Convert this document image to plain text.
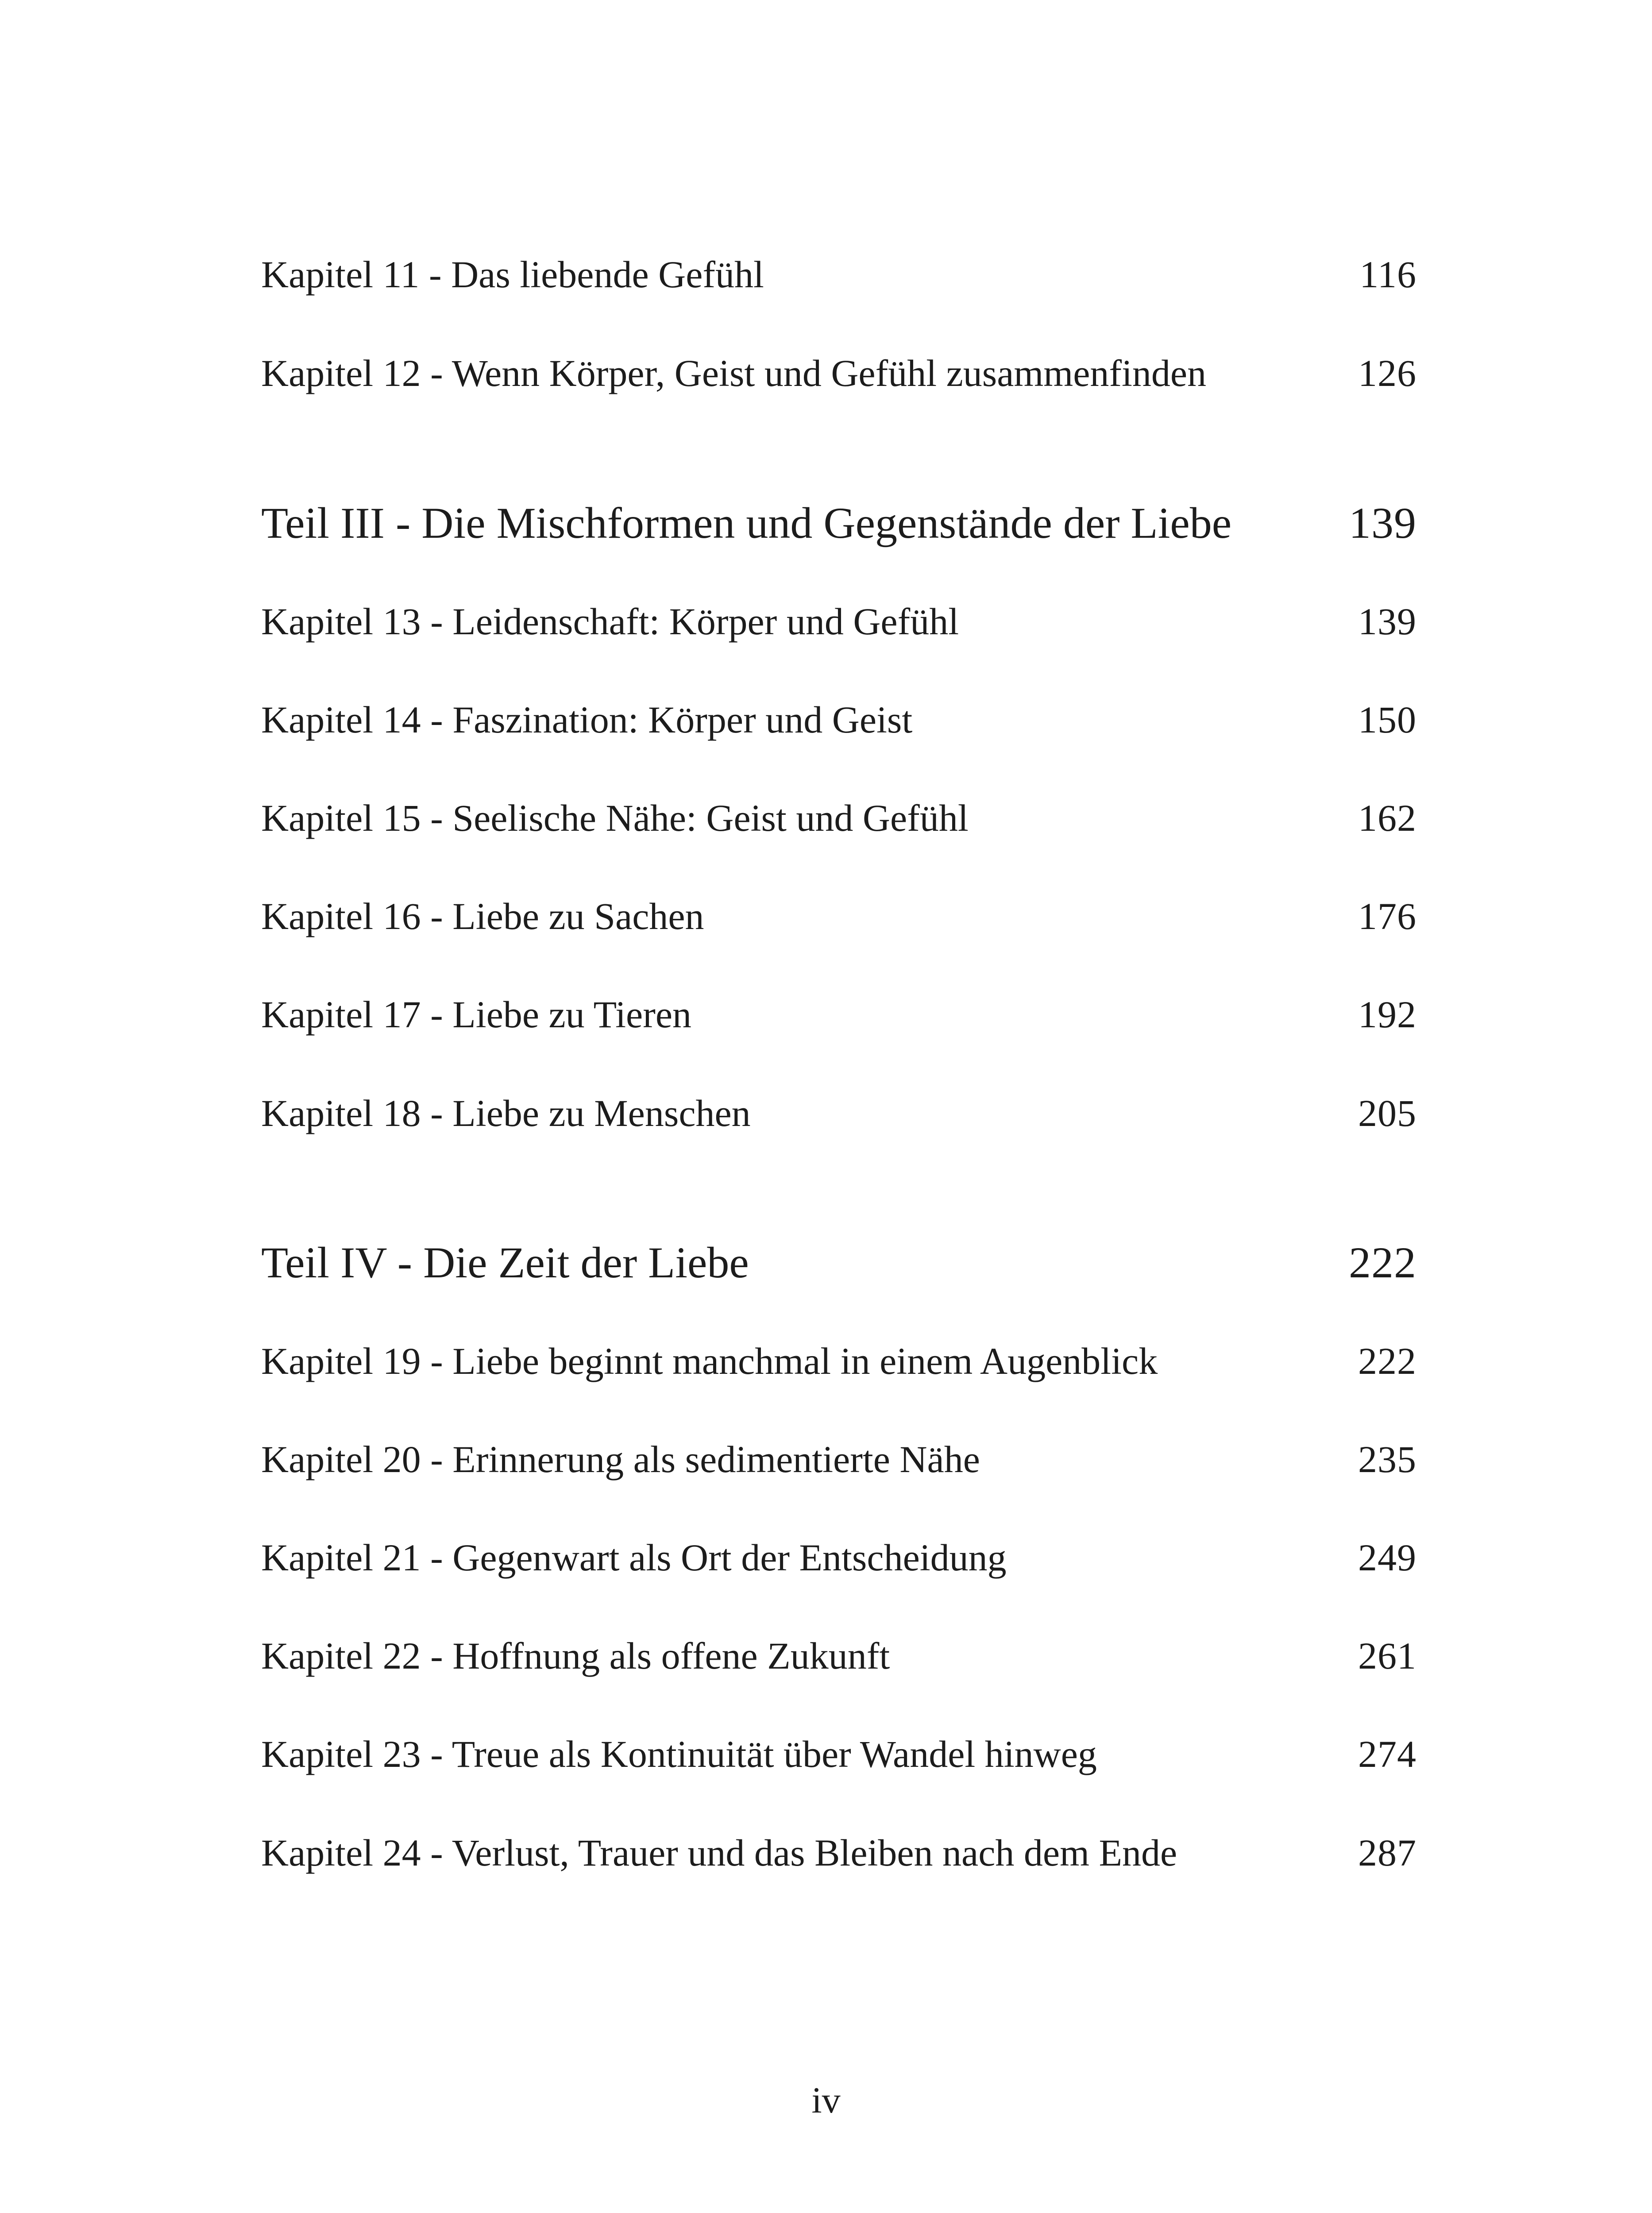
Kapitel 11 - Das liebende Gefühl	116
Kapitel 12 - Wenn Körper, Geist und Gefühl zusammenfinden	126
Teil III - Die Mischformen und Gegenstände der Liebe	139
Kapitel 13 - Leidenschaft: Körper und Gefühl	139
Kapitel 14 - Faszination: Körper und Geist	150
Kapitel 15 - Seelische Nähe: Geist und Gefühl	162
Kapitel 16 - Liebe zu Sachen	176
Kapitel 17 - Liebe zu Tieren	192
Kapitel 18 - Liebe zu Menschen	205
Teil IV - Die Zeit der Liebe	222
Kapitel 19 - Liebe beginnt manchmal in einem Augenblick	222
Kapitel 20 - Erinnerung als sedimentierte Nähe	235
Kapitel 21 - Gegenwart als Ort der Entscheidung	249
Kapitel 22 - Hoffnung als offene Zukunft	261
Kapitel 23 - Treue als Kontinuität über Wandel hinweg	274
Kapitel 24 - Verlust, Trauer und das Bleiben nach dem Ende	287
iv
